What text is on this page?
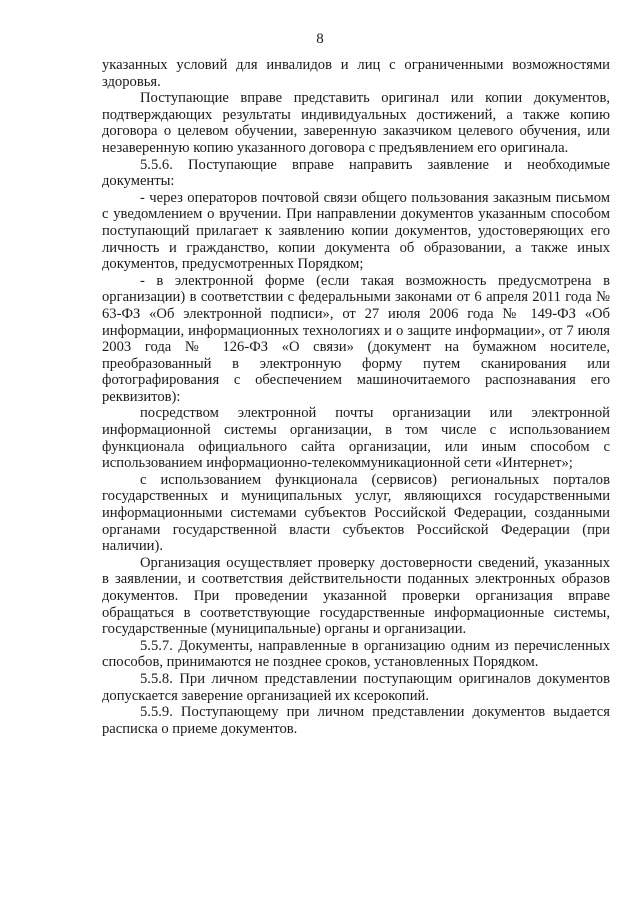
8

указанных условий для инвалидов и лиц с ограниченными возможностями здоровья.

Поступающие вправе представить оригинал или копии документов, подтверждающих результаты индивидуальных достижений, а также копию договора о целевом обучении, заверенную заказчиком целевого обучения, или незаверенную копию указанного договора с предъявлением его оригинала.

5.5.6. Поступающие вправе направить заявление и необходимые документы:

- через операторов почтовой связи общего пользования заказным письмом с уведомлением о вручении. При направлении документов указанным способом поступающий прилагает к заявлению копии документов, удостоверяющих его личность и гражданство, копии документа об образовании, а также иных документов, предусмотренных Порядком;

- в электронной форме (если такая возможность предусмотрена в организации) в соответствии с федеральными законами от 6 апреля 2011 года № 63-ФЗ «Об электронной подписи», от 27 июля 2006 года № 149-ФЗ «Об информации, информационных технологиях и о защите информации», от 7 июля 2003 года № 126-ФЗ «О связи» (документ на бумажном носителе, преобразованный в электронную форму путем сканирования или фотографирования с обеспечением машиночитаемого распознавания его реквизитов):

посредством электронной почты организации или электронной информационной системы организации, в том числе с использованием функционала официального сайта организации, или иным способом с использованием информационно-телекоммуникационной сети «Интернет»;

с использованием функционала (сервисов) региональных порталов государственных и муниципальных услуг, являющихся государственными информационными системами субъектов Российской Федерации, созданными органами государственной власти субъектов Российской Федерации (при наличии).

Организация осуществляет проверку достоверности сведений, указанных в заявлении, и соответствия действительности поданных электронных образов документов. При проведении указанной проверки организация вправе обращаться в соответствующие государственные информационные системы, государственные (муниципальные) органы и организации.

5.5.7. Документы, направленные в организацию одним из перечисленных способов, принимаются не позднее сроков, установленных Порядком.

5.5.8. При личном представлении поступающим оригиналов документов допускается заверение организацией их ксерокопий.

5.5.9. Поступающему при личном представлении документов выдается расписка о приеме документов.
